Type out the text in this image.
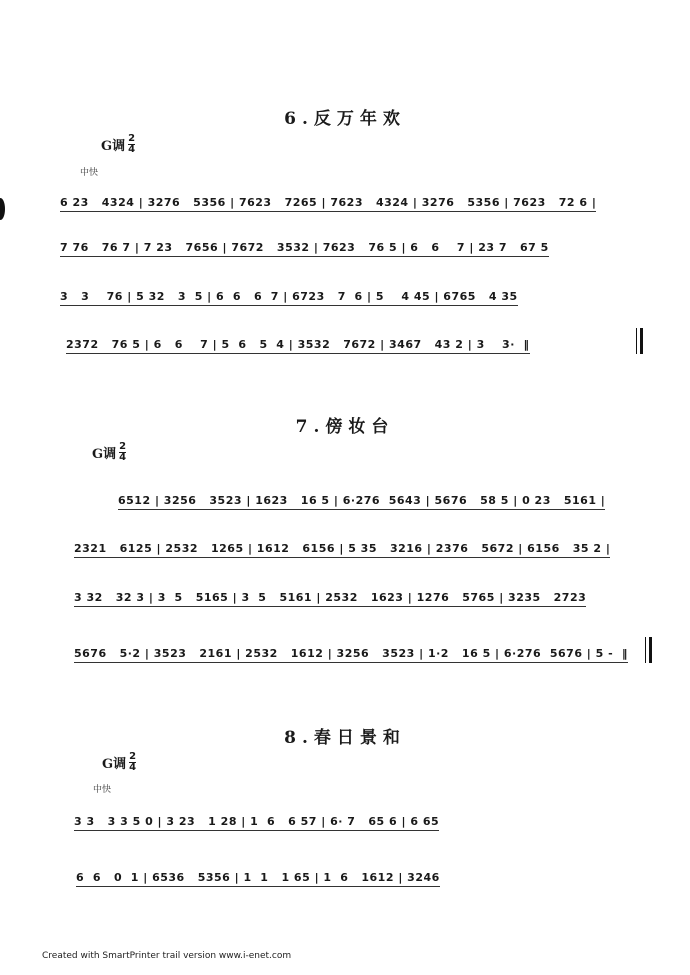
6.反万年欢
G调 $\frac{2}{4}$
中快
6 23   4324 | 3276   5356 | 7623   7265 | 7623   4324 | 3276   5356 | 7623   72 6 |
7 76   76 7 | 7 23   7656 | 7672   3532 | 7623   76 5 | 6   6    7 | 23 7   67 5
3   3    76 | 5 32   3  5 | 6  6   6  7 | 6723   7  6 | 5    4 45 | 6765   4 35
2372   76 5 | 6   6    7 | 5  6   5  4 | 3532   7672 | 3467   43 2 | 3    3·  ‖
7.傍妆台
G调 $\frac{2}{4}$
6512 | 3256   3523 | 1623   16 5 | 6·276  5643 | 5676   58 5 | 0 23   5161 |
2321   6125 | 2532   1265 | 1612   6156 | 5 35   3216 | 2376   5672 | 6156   35 2 |
3 32   32 3 | 3  5   5165 | 3  5   5161 | 2532   1623 | 1276   5765 | 3235   2723
5676   5·2 | 3523   2161 | 2532   1612 | 3256   3523 | 1·2   16 5 | 6·276  5676 | 5 -  ‖
8.春日景和
G调 $\frac{2}{4}$
中快
3 3   3 3 5 0 | 3 23   1 28 | 1  6   6 57 | 6· 7   65 6 | 6 65
6  6   0  1 | 6536   5356 | 1  1   1 65 | 1  6   1612 | 3246
Created with SmartPrinter trail version www.i-enet.com
